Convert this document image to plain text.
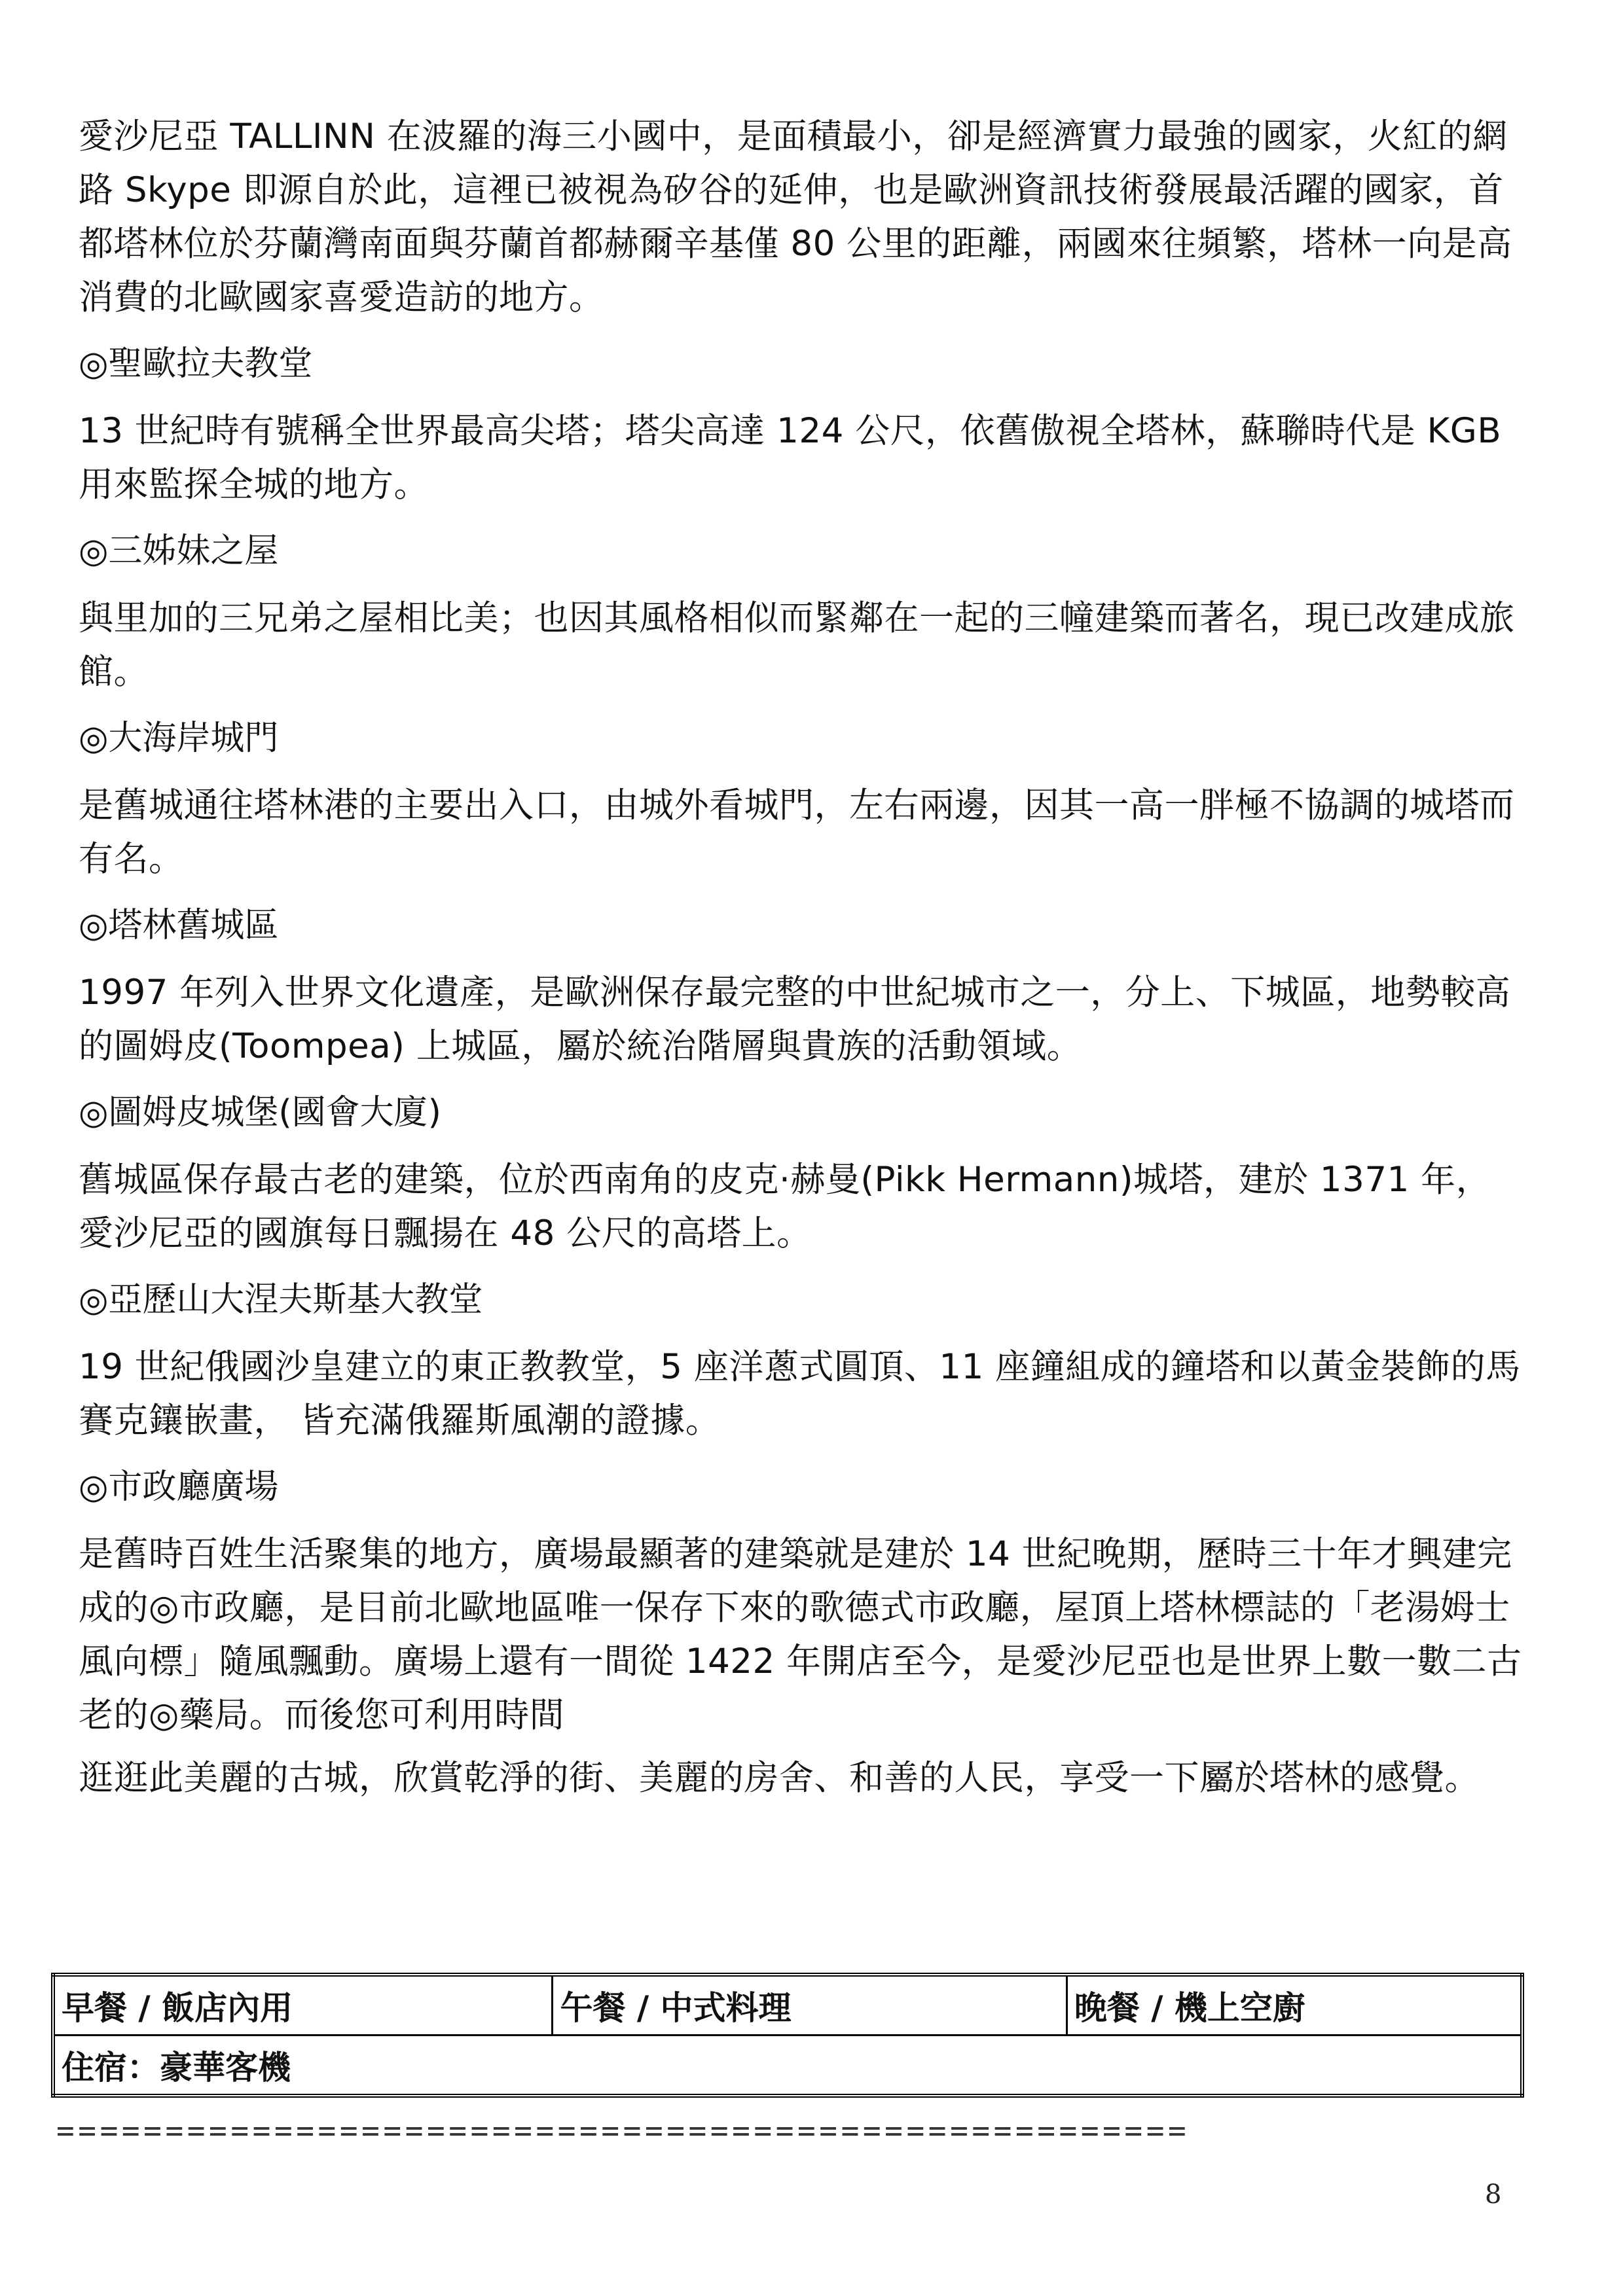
愛沙尼亞 TALLINN 在波羅的海三小國中，是面積最小，卻是經濟實力最強的國家，火紅的網路 Skype 即源自於此，這裡已被視為矽谷的延伸，也是歐洲資訊技術發展最活躍的國家，首都塔林位於芬蘭灣南面與芬蘭首都赫爾辛基僅 80 公里的距離，兩國來往頻繁，塔林一向是高消費的北歐國家喜愛造訪的地方。

◎聖歐拉夫教堂

13 世紀時有號稱全世界最高尖塔；塔尖高達 124 公尺，依舊傲視全塔林，蘇聯時代是 KGB 用來監探全城的地方。

◎三姊妹之屋

與里加的三兄弟之屋相比美；也因其風格相似而緊鄰在一起的三幢建築而著名，現已改建成旅館。

◎大海岸城門

是舊城通往塔林港的主要出入口，由城外看城門，左右兩邊，因其一高一胖極不協調的城塔而有名。

◎塔林舊城區

1997 年列入世界文化遺產，是歐洲保存最完整的中世紀城市之一，分上、下城區，地勢較高的圖姆皮(Toompea) 上城區，屬於統治階層與貴族的活動領域。

◎圖姆皮城堡(國會大廈)

舊城區保存最古老的建築，位於西南角的皮克·赫曼(Pikk Hermann)城塔，建於 1371 年，愛沙尼亞的國旗每日飄揚在 48 公尺的高塔上。

◎亞歷山大涅夫斯基大教堂

19 世紀俄國沙皇建立的東正教教堂，5 座洋蔥式圓頂、11 座鐘組成的鐘塔和以黃金裝飾的馬賽克鑲嵌畫， 皆充滿俄羅斯風潮的證據。

◎市政廳廣場

是舊時百姓生活聚集的地方，廣場最顯著的建築就是建於 14 世紀晚期，歷時三十年才興建完成的◎市政廳，是目前北歐地區唯一保存下來的歌德式市政廳，屋頂上塔林標誌的「老湯姆士風向標」隨風飄動。廣場上還有一間從 1422 年開店至今，是愛沙尼亞也是世界上數一數二古老的◎藥局。而後您可利用時間

逛逛此美麗的古城，欣賞乾淨的街、美麗的房舍、和善的人民，享受一下屬於塔林的感覺。

早餐 / 飯店內用	午餐 / 中式料理	晚餐 / 機上空廚
住宿：豪華客機
====================================================
8
